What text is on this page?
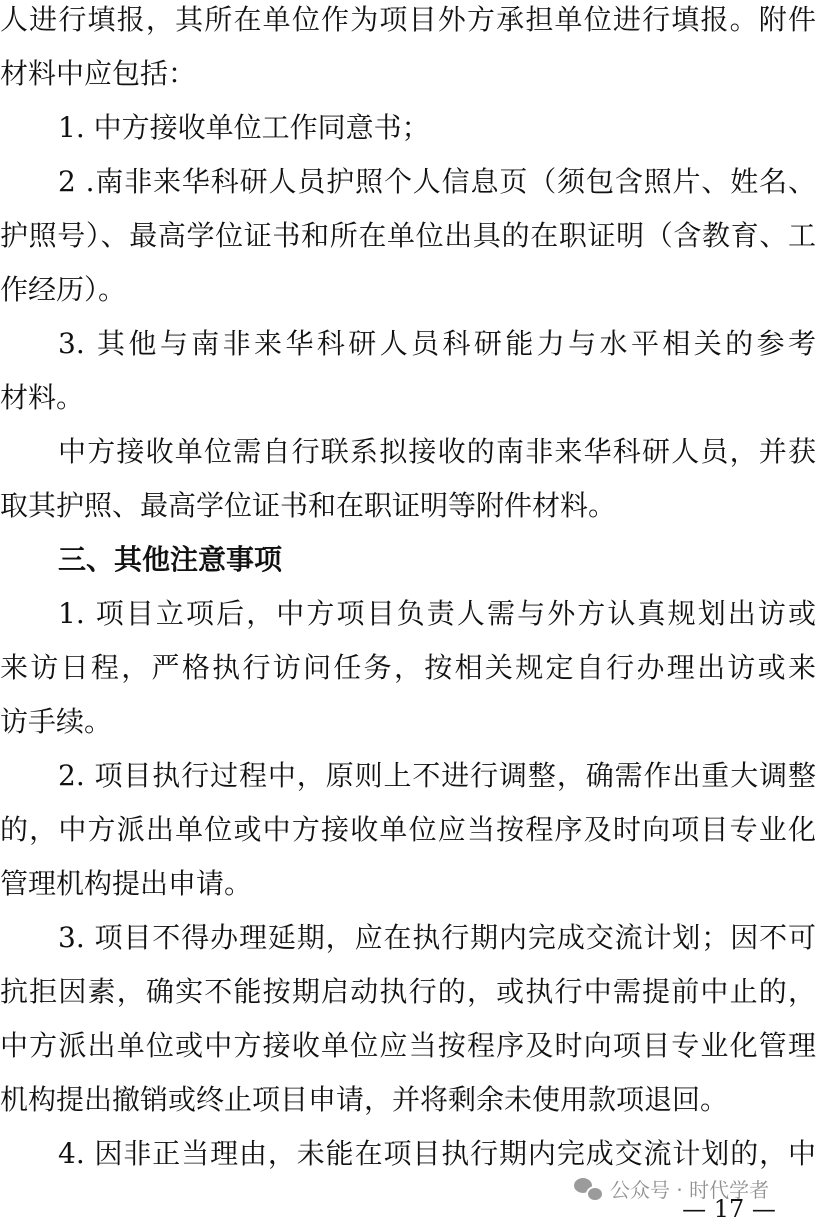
人进行填报，其所在单位作为项目外方承担单位进行填报。附件
材料中应包括：
1. 中方接收单位工作同意书；
2 .南非来华科研人员护照个人信息页（须包含照片、姓名、
护照号）、最高学位证书和所在单位出具的在职证明（含教育、工
作经历）。
3. 其他与南非来华科研人员科研能力与水平相关的参考
材料。
中方接收单位需自行联系拟接收的南非来华科研人员，并获
取其护照、最高学位证书和在职证明等附件材料。
三、其他注意事项
1. 项目立项后，中方项目负责人需与外方认真规划出访或
来访日程，严格执行访问任务，按相关规定自行办理出访或来
访手续。
2. 项目执行过程中，原则上不进行调整，确需作出重大调整
的，中方派出单位或中方接收单位应当按程序及时向项目专业化
管理机构提出申请。
3. 项目不得办理延期，应在执行期内完成交流计划；因不可
抗拒因素，确实不能按期启动执行的，或执行中需提前中止的，
中方派出单位或中方接收单位应当按程序及时向项目专业化管理
机构提出撤销或终止项目申请，并将剩余未使用款项退回。
4. 因非正当理由，未能在项目执行期内完成交流计划的，中
公众号 · 时代学者
— 17 —
